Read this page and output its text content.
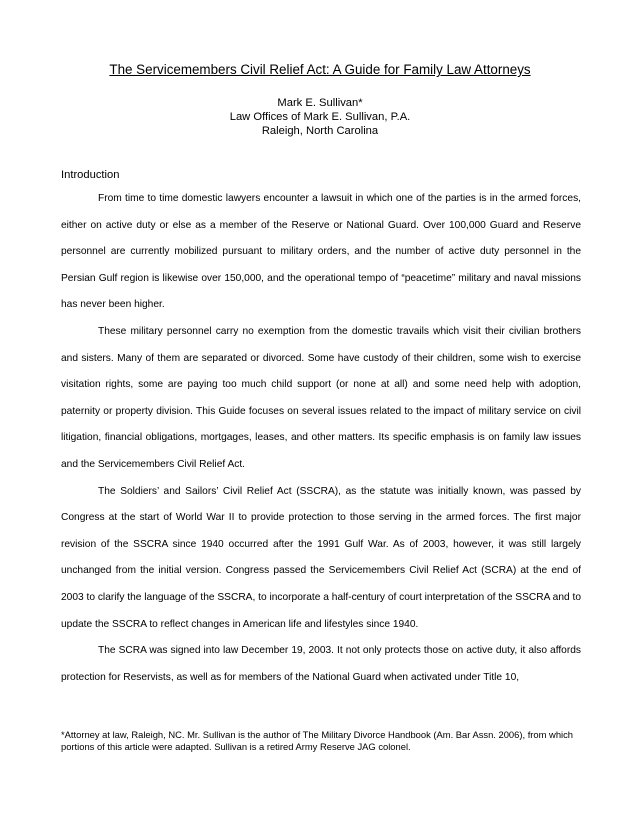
The Servicemembers Civil Relief Act: A Guide for Family Law Attorneys
Mark E. Sullivan*
Law Offices of Mark E. Sullivan, P.A.
Raleigh, North Carolina
Introduction

From time to time domestic lawyers encounter a lawsuit in which one of the parties is in the armed forces, either on active duty or else as a member of the Reserve or National Guard. Over 100,000 Guard and Reserve personnel are currently mobilized pursuant to military orders, and the number of active duty personnel in the Persian Gulf region is likewise over 150,000, and the operational tempo of “peacetime” military and naval missions has never been higher.

These military personnel carry no exemption from the domestic travails which visit their civilian brothers and sisters. Many of them are separated or divorced. Some have custody of their children, some wish to exercise visitation rights, some are paying too much child support (or none at all) and some need help with adoption, paternity or property division. This Guide focuses on several issues related to the impact of military service on civil litigation, financial obligations, mortgages, leases, and other matters. Its specific emphasis is on family law issues and the Servicemembers Civil Relief Act.

The Soldiers’ and Sailors’ Civil Relief Act (SSCRA), as the statute was initially known, was passed by Congress at the start of World War II to provide protection to those serving in the armed forces. The first major revision of the SSCRA since 1940 occurred after the 1991 Gulf War. As of 2003, however, it was still largely unchanged from the initial version. Congress passed the Servicemembers Civil Relief Act (SCRA) at the end of 2003 to clarify the language of the SSCRA, to incorporate a half-century of court interpretation of the SSCRA and to update the SSCRA to reflect changes in American life and lifestyles since 1940.

The SCRA was signed into law December 19, 2003. It not only protects those on active duty, it also affords protection for Reservists, as well as for members of the National Guard when activated under Title 10,

*Attorney at law, Raleigh, NC. Mr. Sullivan is the author of The Military Divorce Handbook (Am. Bar Assn. 2006), from which portions of this article were adapted. Sullivan is a retired Army Reserve JAG colonel.
